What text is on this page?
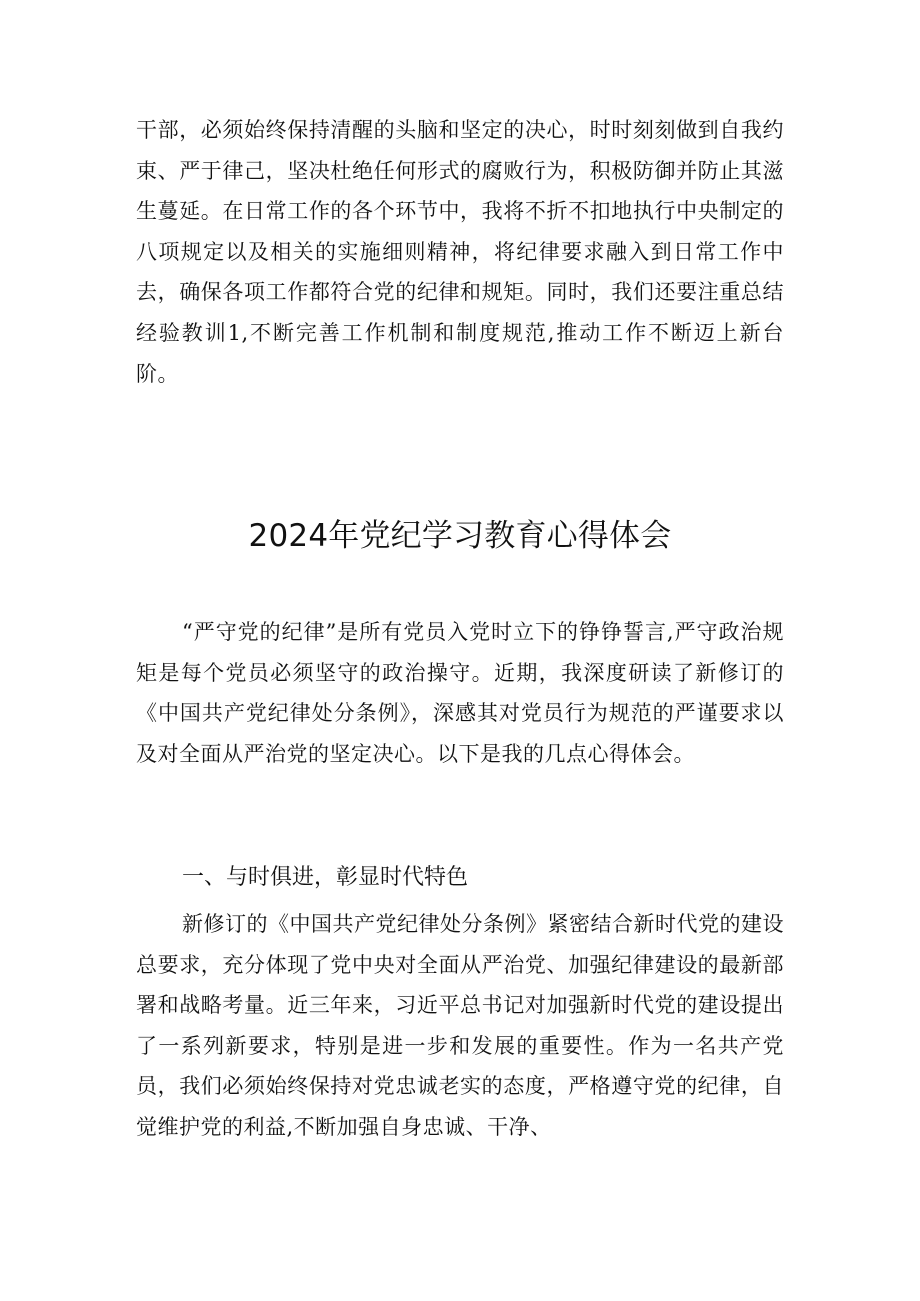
干部，必须始终保持清醒的头脑和坚定的决心，时时刻刻做到自我约束、严于律己，坚决杜绝任何形式的腐败行为，积极防御并防止其滋生蔓延。在日常工作的各个环节中，我将不折不扣地执行中央制定的八项规定以及相关的实施细则精神，将纪律要求融入到日常工作中去，确保各项工作都符合党的纪律和规矩。同时，我们还要注重总结经验教训1,不断完善工作机制和制度规范,推动工作不断迈上新台阶。

2024年党纪学习教育心得体会

“严守党的纪律”是所有党员入党时立下的铮铮誓言,严守政治规矩是每个党员必须坚守的政治操守。近期，我深度研读了新修订的《中国共产党纪律处分条例》，深感其对党员行为规范的严谨要求以及对全面从严治党的坚定决心。以下是我的几点心得体会。

一、与时俱进，彰显时代特色

新修订的《中国共产党纪律处分条例》紧密结合新时代党的建设总要求，充分体现了党中央对全面从严治党、加强纪律建设的最新部署和战略考量。近三年来，习近平总书记对加强新时代党的建设提出了一系列新要求，特别是进一步和发展的重要性。作为一名共产党员，我们必须始终保持对党忠诚老实的态度，严格遵守党的纪律，自觉维护党的利益,不断加强自身忠诚、干净、
